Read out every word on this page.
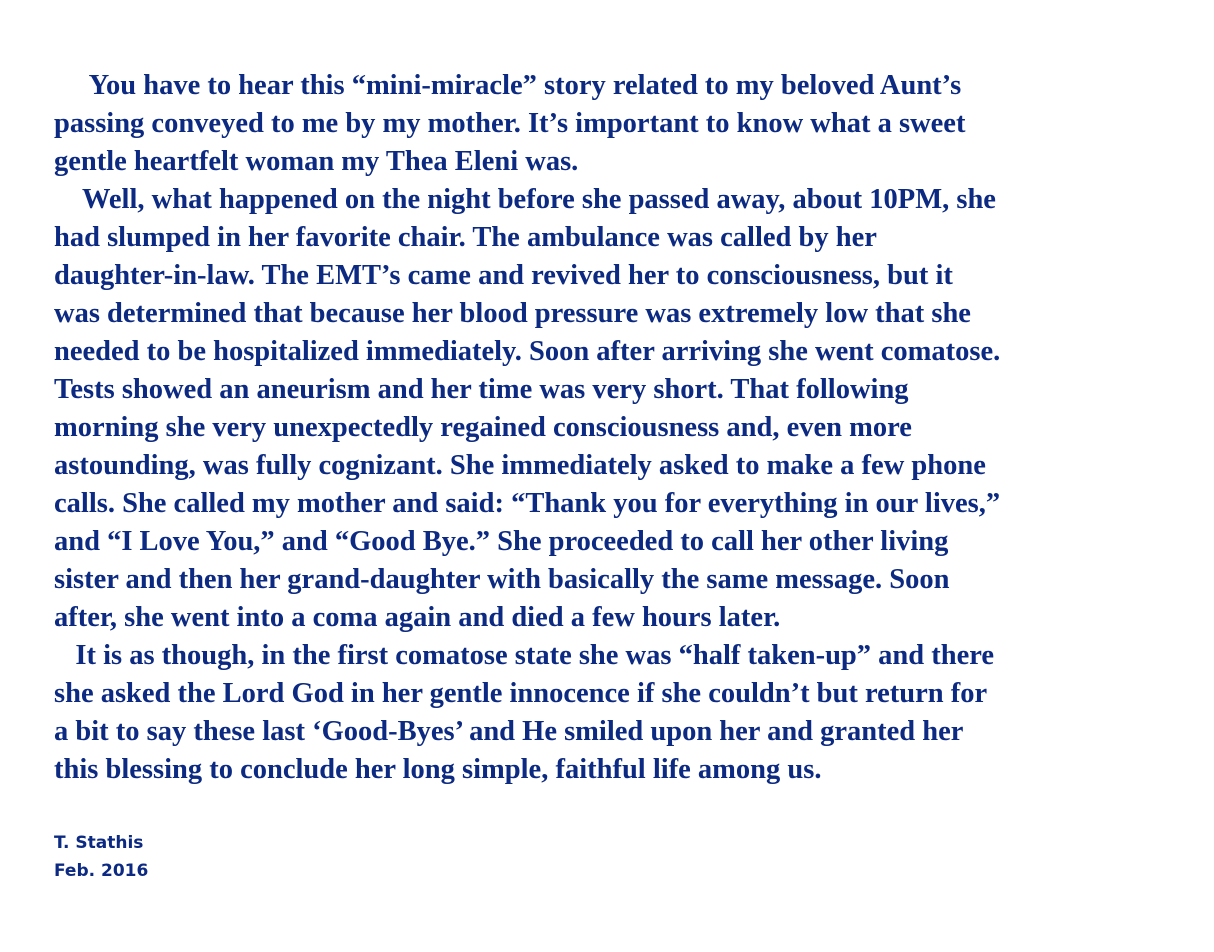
You have to hear this “mini-miracle” story related to my beloved Aunt’s
passing conveyed to me by my mother. It’s important to know what a sweet
gentle heartfelt woman my Thea Eleni was.
Well, what happened on the night before she passed away, about 10PM, she
had slumped in her favorite chair. The ambulance was called by her
daughter-in-law. The EMT’s came and revived her to consciousness, but it
was determined that because her blood pressure was extremely low that she
needed to be hospitalized immediately. Soon after arriving she went comatose.
Tests showed an aneurism and her time was very short. That following
morning she very unexpectedly regained consciousness and, even more
astounding, was fully cognizant. She immediately asked to make a few phone
calls. She called my mother and said: “Thank you for everything in our lives,”
and “I Love You,” and “Good Bye.” She proceeded to call her other living
sister and then her grand-daughter with basically the same message. Soon
after, she went into a coma again and died a few hours later.
It is as though, in the first comatose state she was “half taken-up” and there
she asked the Lord God in her gentle innocence if she couldn’t but return for
a bit to say these last ‘Good-Byes’ and He smiled upon her and granted her
this blessing to conclude her long simple, faithful life among us.
T. Stathis
Feb. 2016
